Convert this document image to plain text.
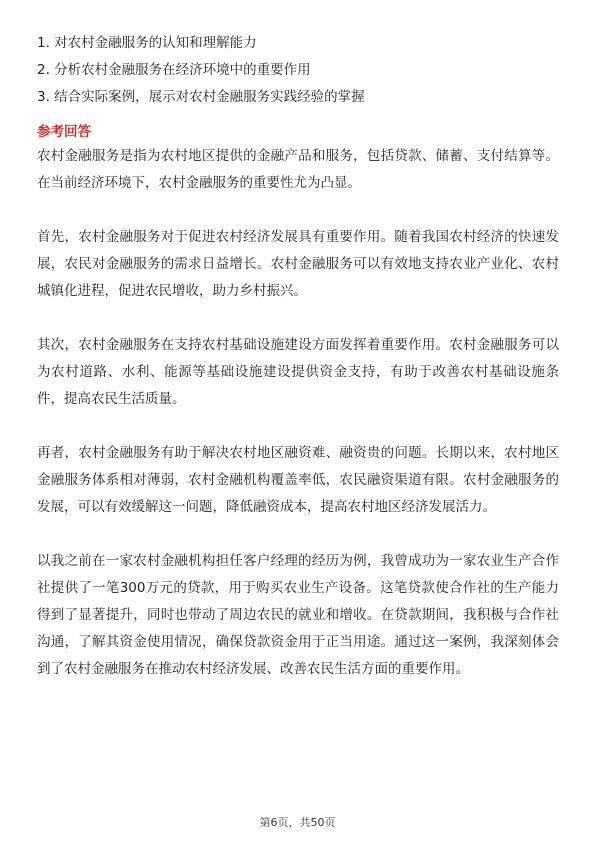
1. 对农村金融服务的认知和理解能力
2. 分析农村金融服务在经济环境中的重要作用
3. 结合实际案例，展示对农村金融服务实践经验的掌握
参考回答

农村金融服务是指为农村地区提供的金融产品和服务，包括贷款、储蓄、支付结算等。在当前经济环境下，农村金融服务的重要性尤为凸显。

首先，农村金融服务对于促进农村经济发展具有重要作用。随着我国农村经济的快速发展，农民对金融服务的需求日益增长。农村金融服务可以有效地支持农业产业化、农村城镇化进程，促进农民增收，助力乡村振兴。

其次，农村金融服务在支持农村基础设施建设方面发挥着重要作用。农村金融服务可以为农村道路、水利、能源等基础设施建设提供资金支持，有助于改善农村基础设施条件，提高农民生活质量。

再者，农村金融服务有助于解决农村地区融资难、融资贵的问题。长期以来，农村地区金融服务体系相对薄弱，农村金融机构覆盖率低，农民融资渠道有限。农村金融服务的发展，可以有效缓解这一问题，降低融资成本，提高农村地区经济发展活力。

以我之前在一家农村金融机构担任客户经理的经历为例，我曾成功为一家农业生产合作社提供了一笔300万元的贷款，用于购买农业生产设备。这笔贷款使合作社的生产能力得到了显著提升，同时也带动了周边农民的就业和增收。在贷款期间，我积极与合作社沟通，了解其资金使用情况，确保贷款资金用于正当用途。通过这一案例，我深刻体会到了农村金融服务在推动农村经济发展、改善农民生活方面的重要作用。

第6页，共50页
